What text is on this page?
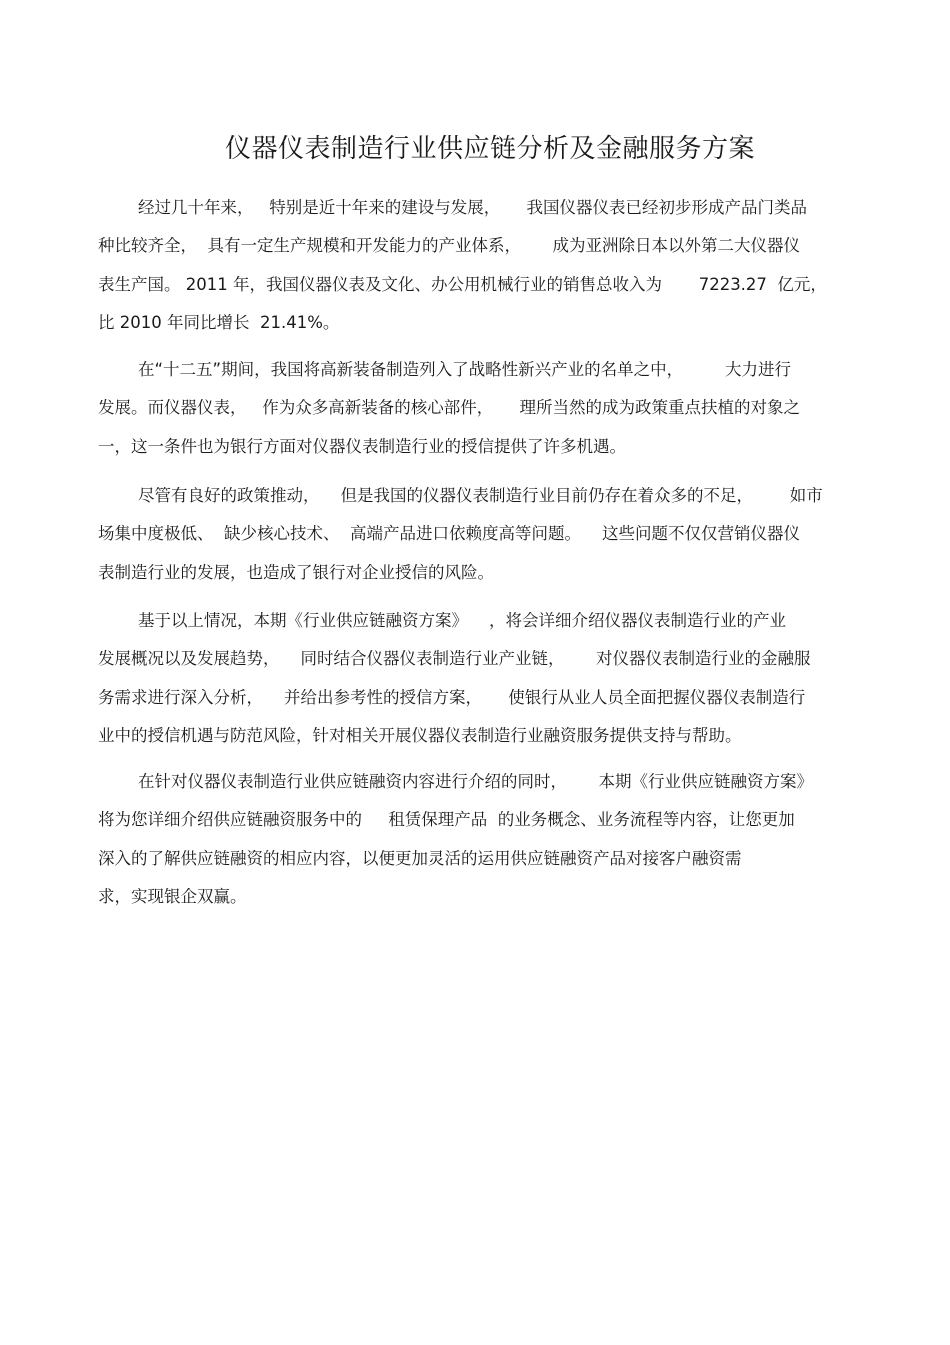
仪器仪表制造行业供应链分析及金融服务方案
经过几十年来，   特别是近十年来的建设与发展，     我国仪器仪表已经初步形成产品门类品
种比较齐全，  具有一定生产规模和开发能力的产业体系，      成为亚洲除日本以外第二大仪器仪
表生产国。 2011 年，我国仪器仪表及文化、办公用机械行业的销售总收入为       7223.27  亿元，
比 2010 年同比增长  21.41%。
在“十二五”期间，我国将高新装备制造列入了战略性新兴产业的名单之中，        大力进行
发展。而仪器仪表，   作为众多高新装备的核心部件，     理所当然的成为政策重点扶植的对象之
一，这一条件也为银行方面对仪器仪表制造行业的授信提供了许多机遇。
尽管有良好的政策推动，    但是我国的仪器仪表制造行业目前仍存在着众多的不足，       如市
场集中度极低、  缺少核心技术、  高端产品进口依赖度高等问题。    这些问题不仅仅营销仪器仪
表制造行业的发展，也造成了银行对企业授信的风险。
基于以上情况，本期《行业供应链融资方案》    ，将会详细介绍仪器仪表制造行业的产业
发展概况以及发展趋势，    同时结合仪器仪表制造行业产业链，      对仪器仪表制造行业的金融服
务需求进行深入分析，    并给出参考性的授信方案，     使银行从业人员全面把握仪器仪表制造行
业中的授信机遇与防范风险，针对相关开展仪器仪表制造行业融资服务提供支持与帮助。
在针对仪器仪表制造行业供应链融资内容进行介绍的同时，      本期《行业供应链融资方案》
将为您详细介绍供应链融资服务中的     租赁保理产品  的业务概念、业务流程等内容，让您更加
深入的了解供应链融资的相应内容，以便更加灵活的运用供应链融资产品对接客户融资需
求，实现银企双赢。
